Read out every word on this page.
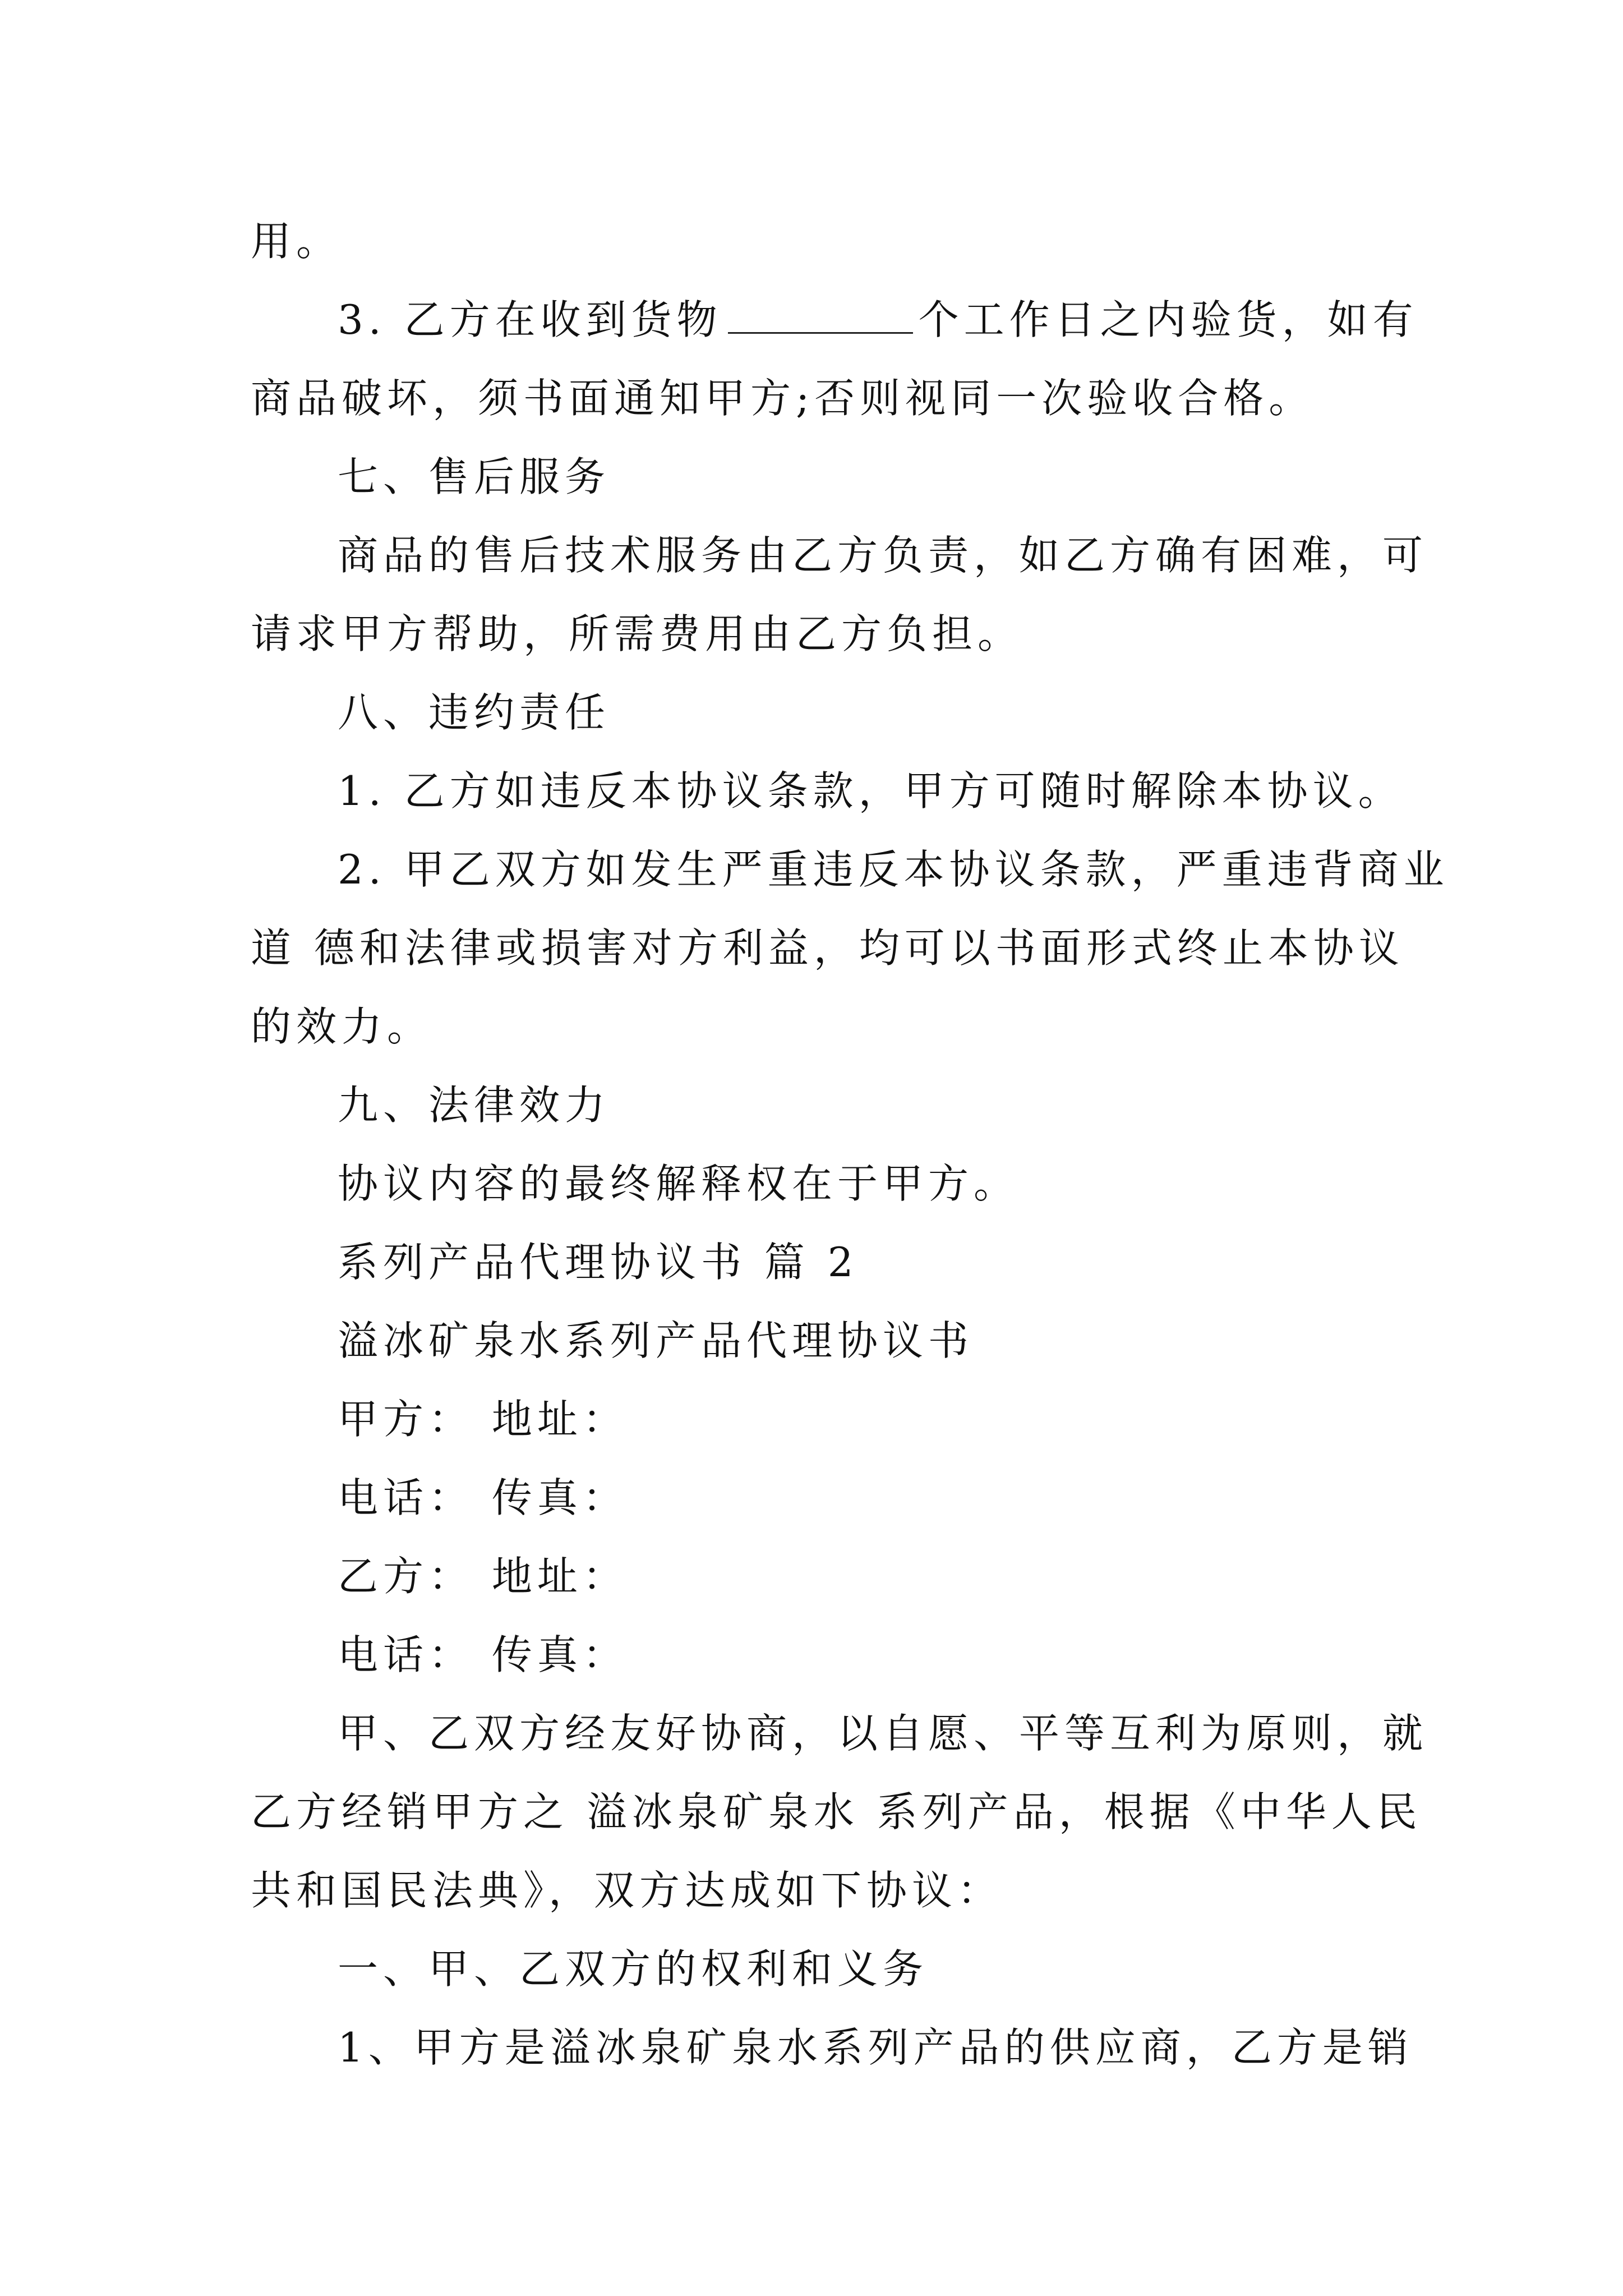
用。
3. 乙方在收到货物	个工作日之内验货，如有
商品破坏，须书面通知甲方;否则视同一次验收合格。
七、售后服务
商品的售后技术服务由乙方负责，如乙方确有困难，可
请求甲方帮助，所需费用由乙方负担。
八、违约责任
1. 乙方如违反本协议条款，甲方可随时解除本协议。
2. 甲乙双方如发生严重违反本协议条款，严重违背商业
道 德和法律或损害对方利益，均可以书面形式终止本协议
的效力。
九、法律效力
协议内容的最终解释权在于甲方。
系列产品代理协议书 篇 2
溢冰矿泉水系列产品代理协议书
甲方： 地址：
电话： 传真：
乙方： 地址：
电话： 传真：
甲、乙双方经友好协商，以自愿、平等互利为原则，就
乙方经销甲方之 溢冰泉矿泉水 系列产品，根据《中华人民
共和国民法典》，双方达成如下协议：
一、甲、乙双方的权利和义务
1、甲方是溢冰泉矿泉水系列产品的供应商，乙方是销
